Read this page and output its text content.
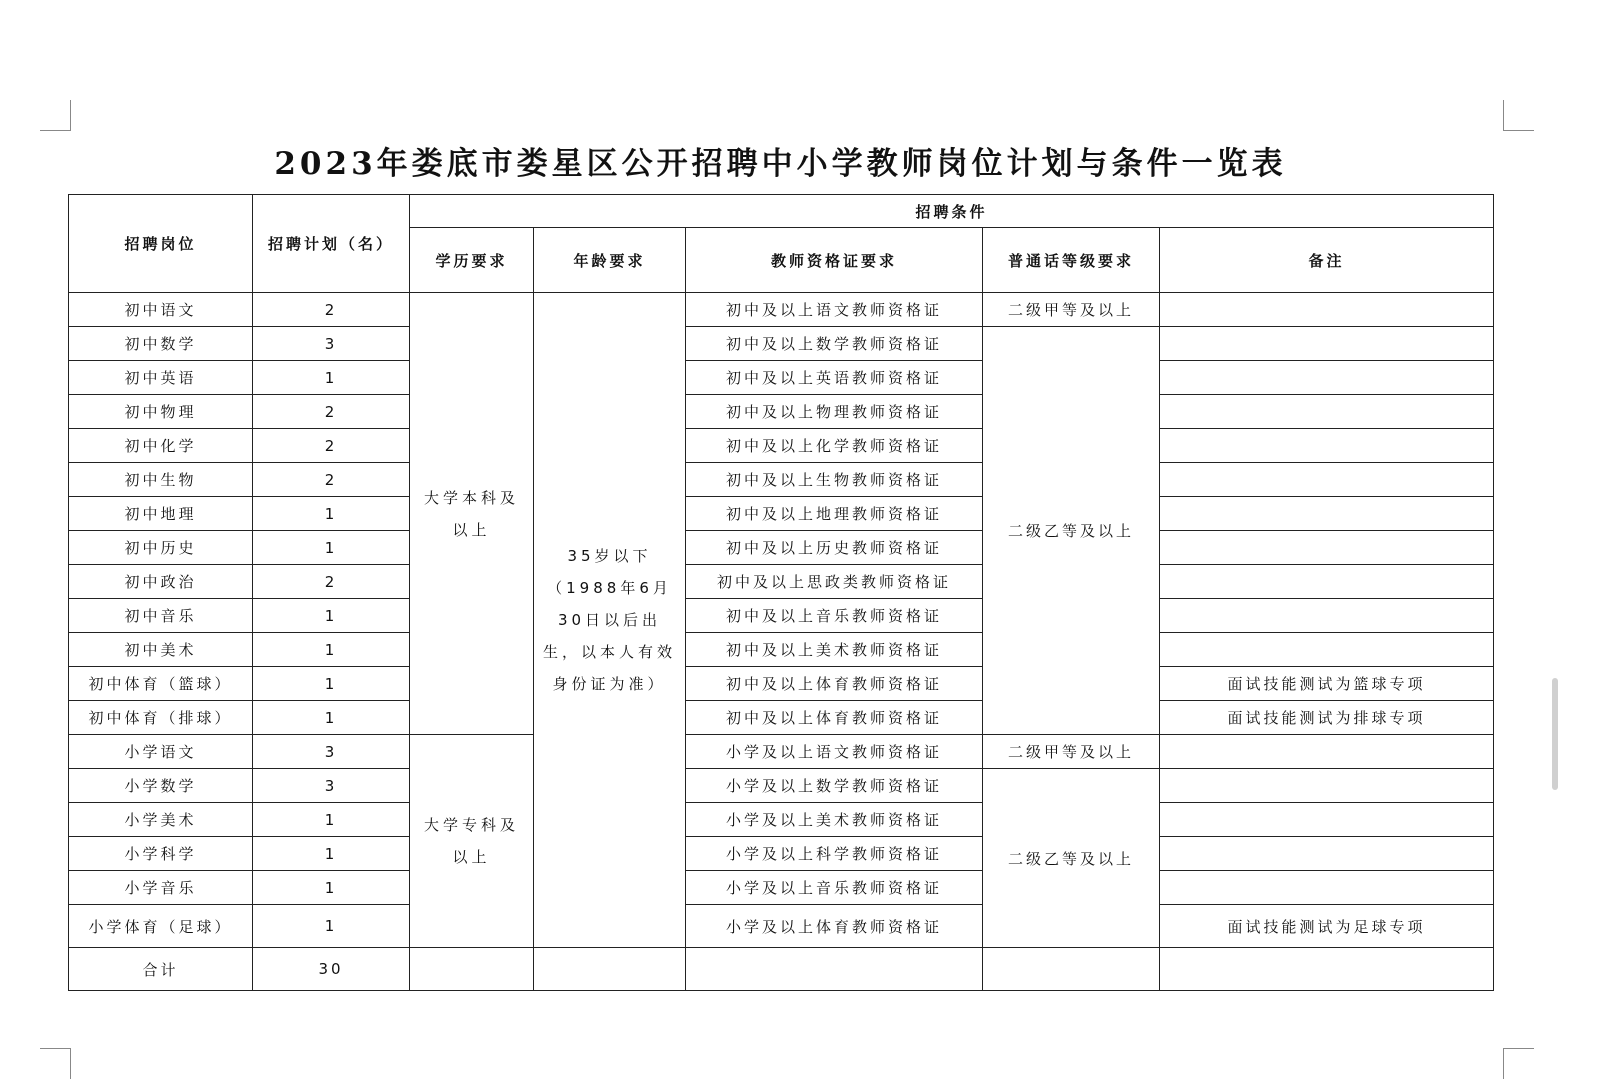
2023年娄底市娄星区公开招聘中小学教师岗位计划与条件一览表
招聘岗位	招聘计划（名）	招聘条件				
		学历要求	年龄要求	教师资格证要求	普通话等级要求	备注
初中语文	2	大学本科及以上	35岁以下（1988年6月30日以后出生，以本人有效身份证为准）	初中及以上语文教师资格证	二级甲等及以上	
初中数学	3			初中及以上数学教师资格证	二级乙等及以上	
初中英语	1			初中及以上英语教师资格证		
初中物理	2			初中及以上物理教师资格证		
初中化学	2			初中及以上化学教师资格证		
初中生物	2			初中及以上生物教师资格证		
初中地理	1			初中及以上地理教师资格证		
初中历史	1			初中及以上历史教师资格证		
初中政治	2			初中及以上思政类教师资格证		
初中音乐	1			初中及以上音乐教师资格证		
初中美术	1			初中及以上美术教师资格证		
初中体育（篮球）	1			初中及以上体育教师资格证		面试技能测试为篮球专项
初中体育（排球）	1			初中及以上体育教师资格证		面试技能测试为排球专项
小学语文	3	大学专科及以上		小学及以上语文教师资格证	二级甲等及以上	
小学数学	3			小学及以上数学教师资格证	二级乙等及以上	
小学美术	1			小学及以上美术教师资格证		
小学科学	1			小学及以上科学教师资格证		
小学音乐	1			小学及以上音乐教师资格证		
小学体育（足球）	1			小学及以上体育教师资格证		面试技能测试为足球专项
合计	30					
